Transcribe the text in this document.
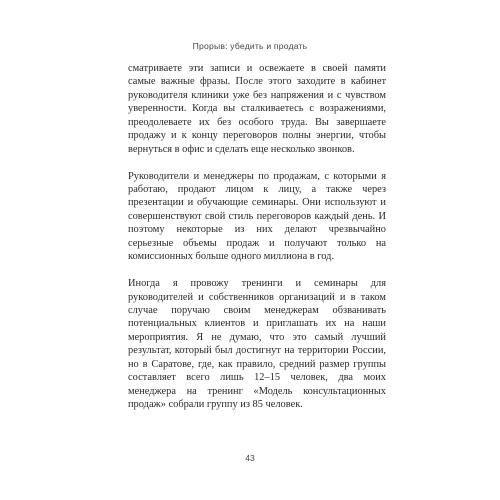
Прорыв: убедить и продать

сматриваете эти записи и освежаете в своей памяти самые важные фразы. После этого заходите в кабинет руководителя клиники уже без напряжения и с чувством уверенности. Когда вы сталкиваетесь с возражениями, преодолеваете их без особого труда. Вы завершаете продажу и к концу переговоров полны энергии, чтобы вернуться в офис и сделать еще несколько звонков.

Руководители и менеджеры по продажам, с которыми я работаю, продают лицом к лицу, а также через презентации и обучающие семинары. Они используют и совершенствуют свой стиль переговоров каждый день. И поэтому некоторые из них делают чрезвычайно серьезные объемы продаж и получают только на комиссионных больше одного миллиона в год.

Иногда я провожу тренинги и семинары для руководителей и собственников организаций и в таком случае поручаю своим менеджерам обзванивать потенциальных клиентов и приглашать их на наши мероприятия. Я не думаю, что это самый лучший результат, который был достигнут на территории России, но в Саратове, где, как правило, средний размер группы составляет всего лишь 12–15 человек, два моих менеджера на тренинг «Модель консультационных продаж» собрали группу из 85 человек.

43
